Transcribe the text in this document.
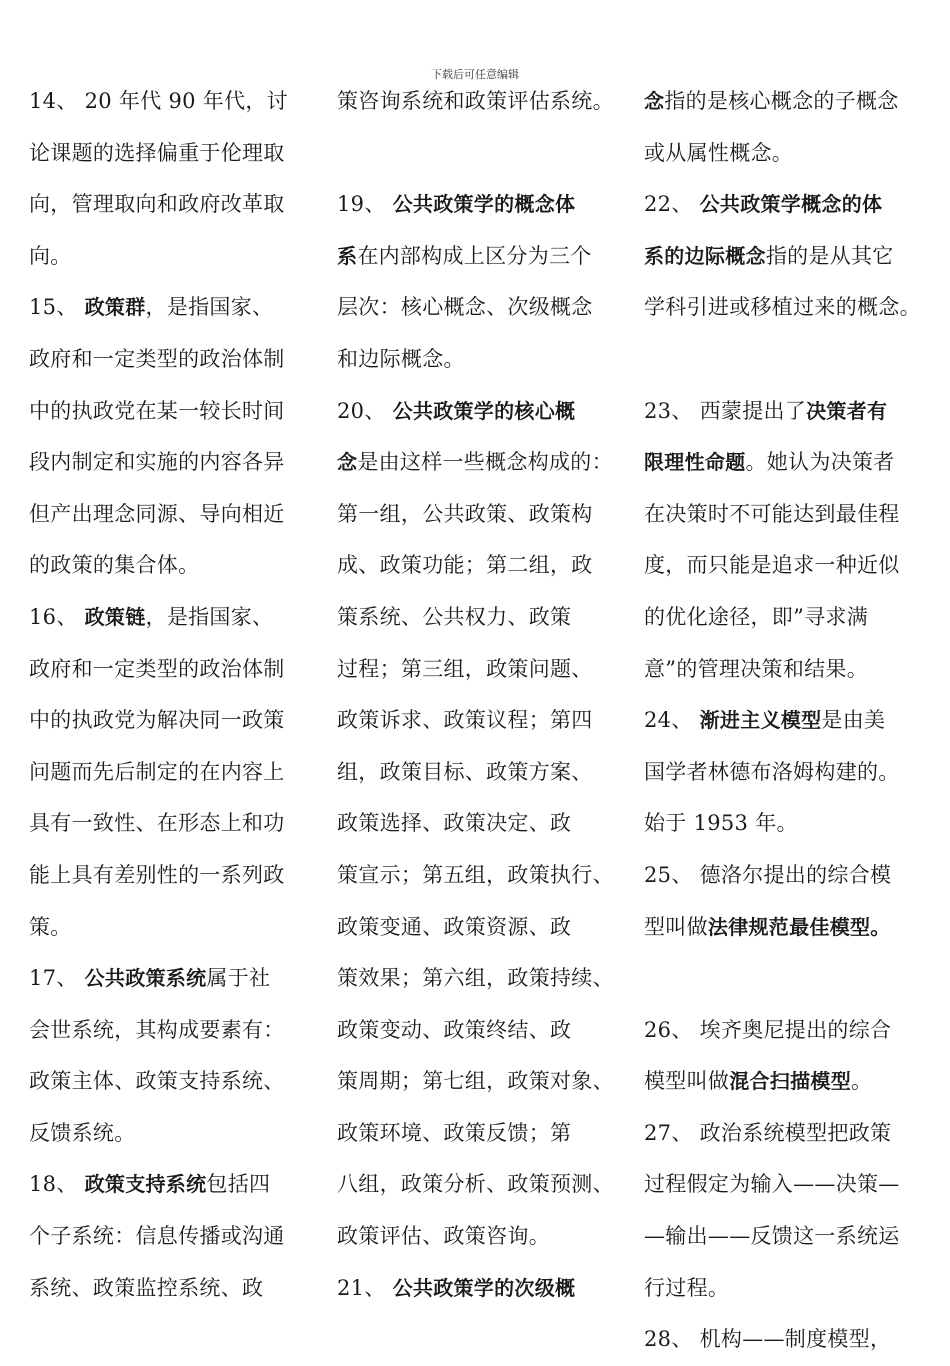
下载后可任意编辑
14、 20 年代 90 年代，讨
论课题的选择偏重于伦理取
向，管理取向和政府改革取
向。
15、 政策群，是指国家、
政府和一定类型的政治体制
中的执政党在某一较长时间
段内制定和实施的内容各异
但产出理念同源、导向相近
的政策的集合体。
16、 政策链，是指国家、
政府和一定类型的政治体制
中的执政党为解决同一政策
问题而先后制定的在内容上
具有一致性、在形态上和功
能上具有差别性的一系列政
策。
17、 公共政策系统属于社
会世系统，其构成要素有：
政策主体、政策支持系统、
反馈系统。
18、 政策支持系统包括四
个子系统：信息传播或沟通
系统、政策监控系统、政
策咨询系统和政策评估系统。
19、 公共政策学的概念体
系在内部构成上区分为三个
层次：核心概念、次级概念
和边际概念。
20、 公共政策学的核心概
念是由这样一些概念构成的：
第一组，公共政策、政策构
成、政策功能；第二组，政
策系统、公共权力、政策
过程；第三组，政策问题、
政策诉求、政策议程；第四
组，政策目标、政策方案、
政策选择、政策决定、政
策宣示；第五组，政策执行、
政策变通、政策资源、政
策效果；第六组，政策持续、
政策变动、政策终结、政
策周期；第七组，政策对象、
政策环境、政策反馈；第
八组，政策分析、政策预测、
政策评估、政策咨询。
21、 公共政策学的次级概
念指的是核心概念的子概念
或从属性概念。
22、 公共政策学概念的体
系的边际概念指的是从其它
学科引进或移植过来的概念。
23、 西蒙提出了决策者有
限理性命题。她认为决策者
在决策时不可能达到最佳程
度，而只能是追求一种近似
的优化途径，即”寻求满
意”的管理决策和结果。
24、 渐进主义模型是由美
国学者林德布洛姆构建的。
始于 1953 年。
25、 德洛尔提出的综合模
型叫做法律规范最佳模型。
26、 埃齐奥尼提出的综合
模型叫做混合扫描模型。
27、 政治系统模型把政策
过程假定为输入——决策—
—输出——反馈这一系统运
行过程。
28、 机构——制度模型，
